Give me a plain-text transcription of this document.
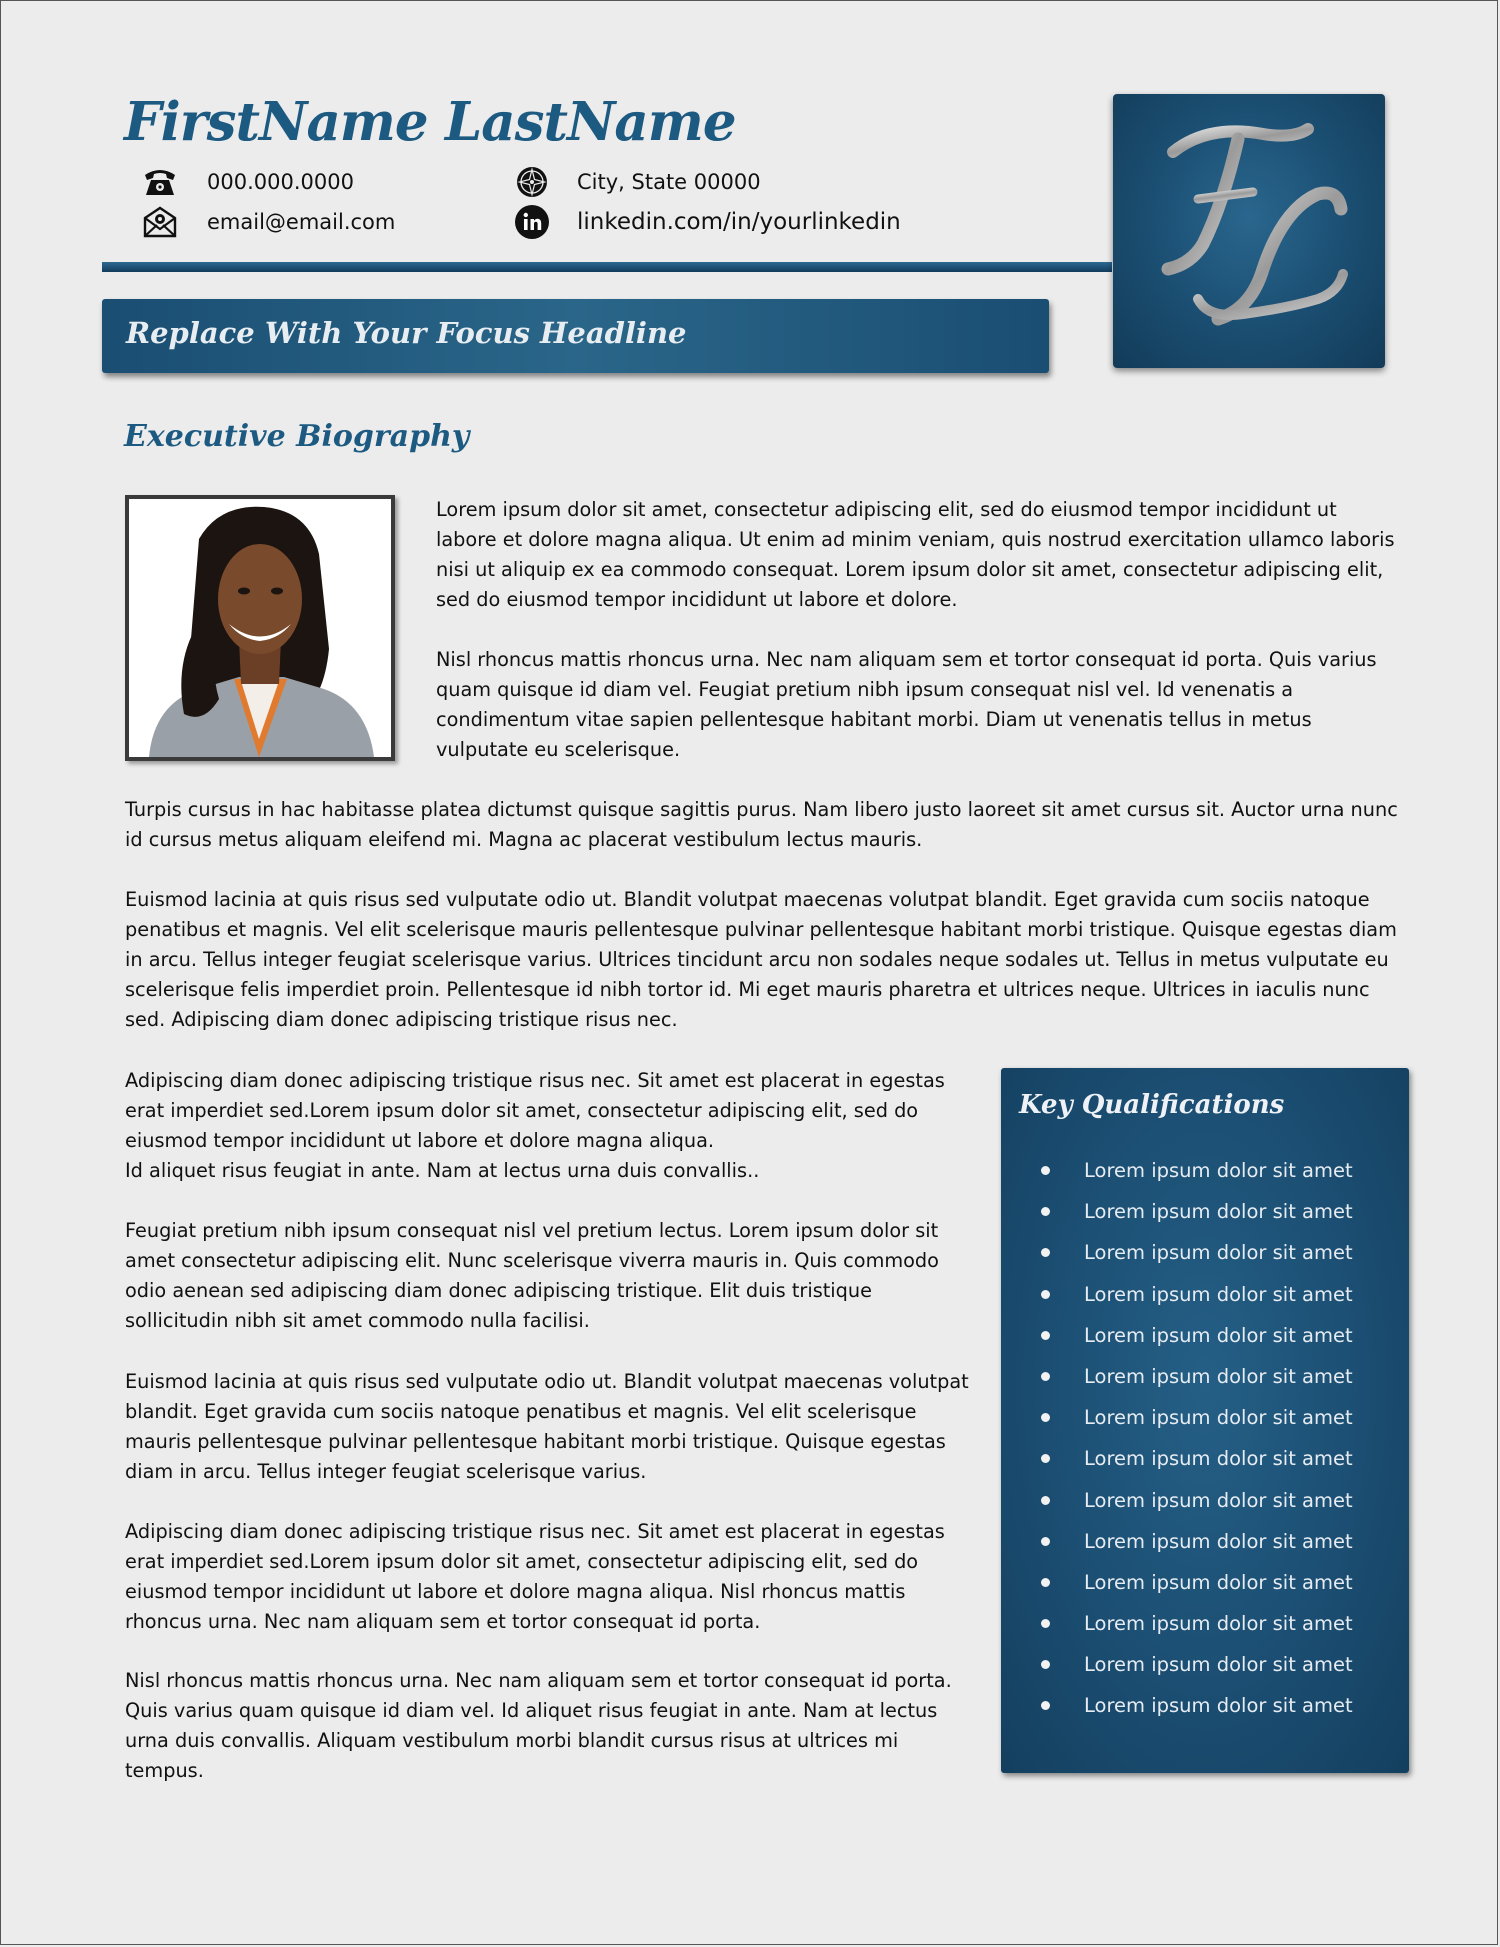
FirstName LastName
000.000.0000
email@email.com
City, State 00000
linkedin.com/in/yourlinkedin
Replace With Your Focus Headline
Executive Biography

Lorem ipsum dolor sit amet, consectetur adipiscing elit, sed do eiusmod tempor incididunt ut labore et dolore magna aliqua. Ut enim ad minim veniam, quis nostrud exercitation ullamco laboris nisi ut aliquip ex ea commodo consequat. Lorem ipsum dolor sit amet, consectetur adipiscing elit, sed do eiusmod tempor incididunt ut labore et dolore.

Nisl rhoncus mattis rhoncus urna. Nec nam aliquam sem et tortor consequat id porta. Quis varius quam quisque id diam vel. Feugiat pretium nibh ipsum consequat nisl vel. Id venenatis a condimentum vitae sapien pellentesque habitant morbi. Diam ut venenatis tellus in metus vulputate eu scelerisque.

Turpis cursus in hac habitasse platea dictumst quisque sagittis purus. Nam libero justo laoreet sit amet cursus sit. Auctor urna nunc id cursus metus aliquam eleifend mi. Magna ac placerat vestibulum lectus mauris.

Euismod lacinia at quis risus sed vulputate odio ut. Blandit volutpat maecenas volutpat blandit. Eget gravida cum sociis natoque penatibus et magnis. Vel elit scelerisque mauris pellentesque pulvinar pellentesque habitant morbi tristique. Quisque egestas diam in arcu. Tellus integer feugiat scelerisque varius. Ultrices tincidunt arcu non sodales neque sodales ut. Tellus in metus vulputate eu scelerisque felis imperdiet proin. Pellentesque id nibh tortor id. Mi eget mauris pharetra et ultrices neque. Ultrices in iaculis nunc sed. Adipiscing diam donec adipiscing tristique risus nec.

Adipiscing diam donec adipiscing tristique risus nec. Sit amet est placerat in egestas erat imperdiet sed.Lorem ipsum dolor sit amet, consectetur adipiscing elit, sed do eiusmod tempor incididunt ut labore et dolore magna aliqua.
Id aliquet risus feugiat in ante. Nam at lectus urna duis convallis..

Feugiat pretium nibh ipsum consequat nisl vel pretium lectus. Lorem ipsum dolor sit amet consectetur adipiscing elit. Nunc scelerisque viverra mauris in. Quis commodo odio aenean sed adipiscing diam donec adipiscing tristique. Elit duis tristique sollicitudin nibh sit amet commodo nulla facilisi.

Euismod lacinia at quis risus sed vulputate odio ut. Blandit volutpat maecenas volutpat blandit. Eget gravida cum sociis natoque penatibus et magnis. Vel elit scelerisque mauris pellentesque pulvinar pellentesque habitant morbi tristique. Quisque egestas diam in arcu. Tellus integer feugiat scelerisque varius.

Adipiscing diam donec adipiscing tristique risus nec. Sit amet est placerat in egestas erat imperdiet sed.Lorem ipsum dolor sit amet, consectetur adipiscing elit, sed do eiusmod tempor incididunt ut labore et dolore magna aliqua. Nisl rhoncus mattis rhoncus urna. Nec nam aliquam sem et tortor consequat id porta.

Nisl rhoncus mattis rhoncus urna. Nec nam aliquam sem et tortor consequat id porta. Quis varius quam quisque id diam vel. Id aliquet risus feugiat in ante. Nam at lectus urna duis convallis. Aliquam vestibulum morbi blandit cursus risus at ultrices mi tempus.

Key Qualifications
Lorem ipsum dolor sit amet
Lorem ipsum dolor sit amet
Lorem ipsum dolor sit amet
Lorem ipsum dolor sit amet
Lorem ipsum dolor sit amet
Lorem ipsum dolor sit amet
Lorem ipsum dolor sit amet
Lorem ipsum dolor sit amet
Lorem ipsum dolor sit amet
Lorem ipsum dolor sit amet
Lorem ipsum dolor sit amet
Lorem ipsum dolor sit amet
Lorem ipsum dolor sit amet
Lorem ipsum dolor sit amet
